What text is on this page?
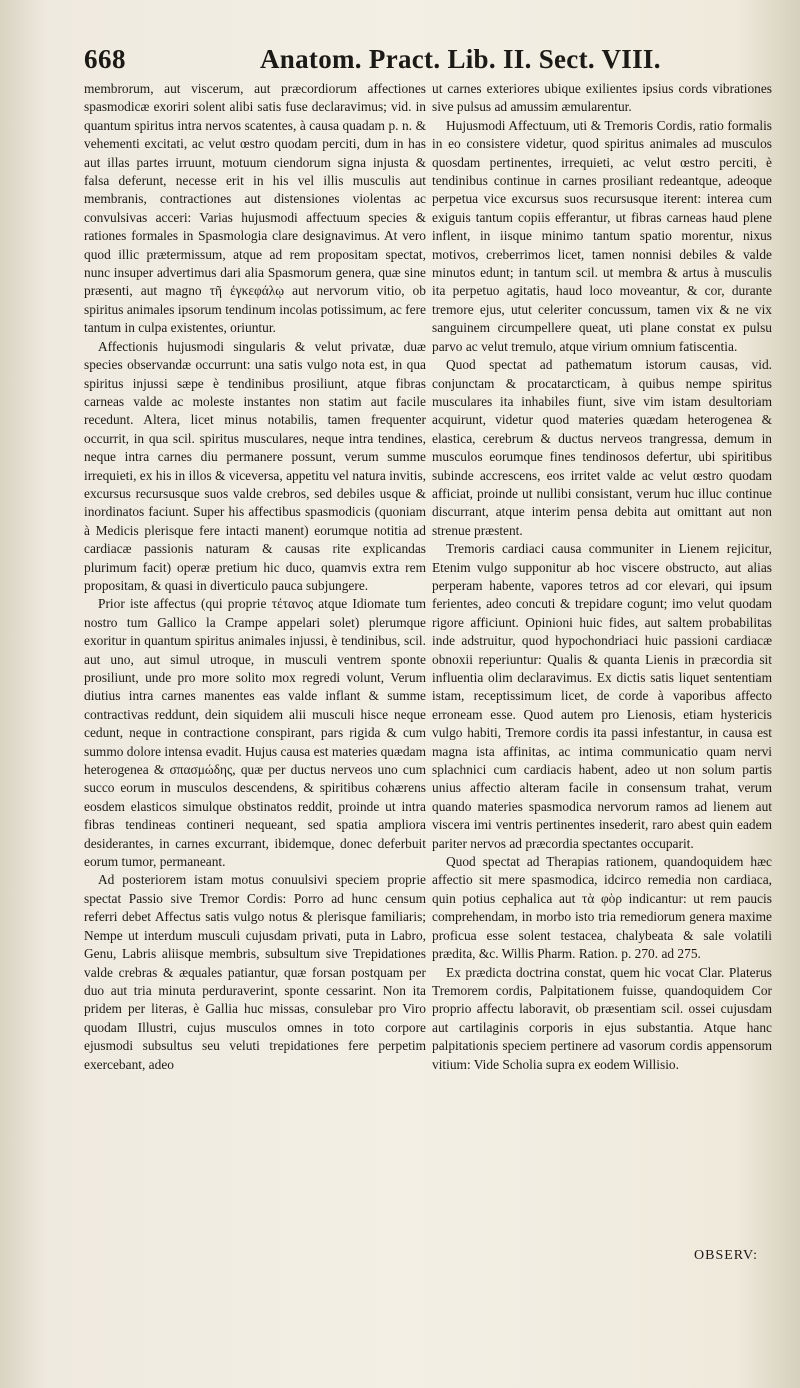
668	Anatom. Pract. Lib. II. Sect. VIII.

membrorum, aut viscerum, aut præcordiorum affectiones spasmodicæ exoriri solent alibi satis fuse declaravimus; vid. in quantum spiritus intra nervos scatentes, à causa quadam p. n. & vehementi excitati, ac velut œstro quodam perciti, dum in has aut illas partes irruunt, motuum ciendorum signa injusta & falsa deferunt, necesse erit in his vel illis musculis aut membranis, contractiones aut distensiones violentas ac convulsivas acceri: Varias hujusmodi affectuum species & rationes formales in Spasmologia clare designavimus. At vero quod illic prætermissum, atque ad rem propositam spectat, nunc insuper advertimus dari alia Spasmorum genera, quæ sine præsenti, aut magno τῆ ἐγκεφάλῳ aut nervorum vitio, ob spiritus animales ipsorum tendinum incolas potissimum, ac fere tantum in culpa existentes, oriuntur.

Affectionis hujusmodi singularis & velut privatæ, duæ species observandæ occurrunt: una satis vulgo nota est, in qua spiritus injussi sæpe è tendinibus prosiliunt, atque fibras carneas valde ac moleste instantes non statim aut facile recedunt. Altera, licet minus notabilis, tamen frequenter occurrit, in qua scil. spiritus musculares, neque intra tendines, neque intra carnes diu permanere possunt, verum summe irrequieti, ex his in illos & viceversa, appetitu vel natura invitis, excursus recursusque suos valde crebros, sed debiles usque & inordinatos faciunt. Super his affectibus spasmodicis (quoniam à Medicis plerisque fere intacti manent) eorumque notitia ad cardiacæ passionis naturam & causas rite explicandas plurimum facit) operæ pretium hic duco, quamvis extra rem propositam, & quasi in diverticulo pauca subjungere.

Prior iste affectus (qui proprie τέτανος atque Idiomate tum nostro tum Gallico la Crampe appelari solet) plerumque exoritur in quantum spiritus animales injussi, è tendinibus, scil. aut uno, aut simul utroque, in musculi ventrem sponte prosiliunt, unde pro more solito mox regredi volunt, Verum diutius intra carnes manentes eas valde inflant & summe contractivas reddunt, dein siquidem alii musculi hisce neque cedunt, neque in contractione conspirant, pars rigida & cum summo dolore intensa evadit. Hujus causa est materies quædam heterogenea & σπασμώδης, quæ per ductus nerveos uno cum succo eorum in musculos descendens, & spiritibus cohærens eosdem elasticos simulque obstinatos reddit, proinde ut intra fibras tendineas contineri nequeant, sed spatia ampliora desiderantes, in carnes excurrant, ibidemque, donec deferbuit eorum tumor, permaneant.

Ad posteriorem istam motus conuulsivi speciem proprie spectat Passio sive Tremor Cordis: Porro ad hunc censum referri debet Affectus satis vulgo notus & plerisque familiaris; Nempe ut interdum musculi cujusdam privati, puta in Labro, Genu, Labris aliisque membris, subsultum sive Trepidationes valde crebras & æquales patiantur, quæ forsan postquam per duo aut tria minuta perduraverint, sponte cessarint. Non ita pridem per literas, è Gallia huc missas, consulebar pro Viro quodam Illustri, cujus musculos omnes in toto corpore ejusmodi subsultus seu veluti trepidationes fere perpetim exercebant, adeo

ut carnes exteriores ubique exilientes ipsius cords vibrationes sive pulsus ad amussim æmularentur.

Hujusmodi Affectuum, uti & Tremoris Cordis, ratio formalis in eo consistere videtur, quod spiritus animales ad musculos quosdam pertinentes, irrequieti, ac velut œstro perciti, è tendinibus continue in carnes prosiliant redeantque, adeoque perpetua vice excursus suos recursusque iterent: interea cum exiguis tantum copiis efferantur, ut fibras carneas haud plene inflent, in iisque minimo tantum spatio morentur, nixus motivos, creberrimos licet, tamen nonnisi debiles & valde minutos edunt; in tantum scil. ut membra & artus à musculis ita perpetuo agitatis, haud loco moveantur, & cor, durante tremore ejus, utut celeriter concussum, tamen vix & ne vix sanguinem circumpellere queat, uti plane constat ex pulsu parvo ac velut tremulo, atque virium omnium fatiscentia.

Quod spectat ad pathematum istorum causas, vid. conjunctam & procatarcticam, à quibus nempe spiritus musculares ita inhabiles fiunt, sive vim istam desultoriam acquirunt, videtur quod materies quædam heterogenea & elastica, cerebrum & ductus nerveos trangressa, demum in musculos eorumque fines tendinosos defertur, ubi spiritibus subinde accrescens, eos irritet valde ac velut œstro quodam afficiat, proinde ut nullibi consistant, verum huc illuc continue discurrant, atque interim pensa debita aut omittant aut non strenue præstent.

Tremoris cardiaci causa communiter in Lienem rejicitur, Etenim vulgo supponitur ab hoc viscere obstructo, aut alias perperam habente, vapores tetros ad cor elevari, qui ipsum ferientes, adeo concuti & trepidare cogunt; imo velut quodam rigore afficiunt. Opinioni huic fides, aut saltem probabilitas inde adstruitur, quod hypochondriaci huic passioni cardiacæ obnoxii reperiuntur: Qualis & quanta Lienis in præcordia sit influentia olim declaravimus. Ex dictis satis liquet sententiam istam, receptissimum licet, de corde à vaporibus affecto erroneam esse. Quod autem pro Lienosis, etiam hystericis vulgo habiti, Tremore cordis ita passi infestantur, in causa est magna ista affinitas, ac intima communicatio quam nervi splachnici cum cardiacis habent, adeo ut non solum partis unius affectio alteram facile in consensum trahat, verum quando materies spasmodica nervorum ramos ad lienem aut viscera imi ventris pertinentes insederit, raro abest quin eadem pariter nervos ad præcordia spectantes occuparit.

Quod spectat ad Therapias rationem, quandoquidem hæc affectio sit mere spasmodica, idcirco remedia non cardiaca, quin potius cephalica aut τὰ φὸρ indicantur: ut rem paucis comprehendam, in morbo isto tria remediorum genera maxime proficua esse solent testacea, chalybeata & sale volatili prædita, &c. Willis Pharm. Ration. p. 270. ad 275.

Ex prædicta doctrina constat, quem hic vocat Clar. Platerus Tremorem cordis, Palpitationem fuisse, quandoquidem Cor proprio affectu laboravit, ob præsentiam scil. ossei cujusdam aut cartilaginis corporis in ejus substantia. Atque hanc palpitationis speciem pertinere ad vasorum cordis appensorum vitium: Vide Scholia supra ex eodem Willisio.

OBSERV:
